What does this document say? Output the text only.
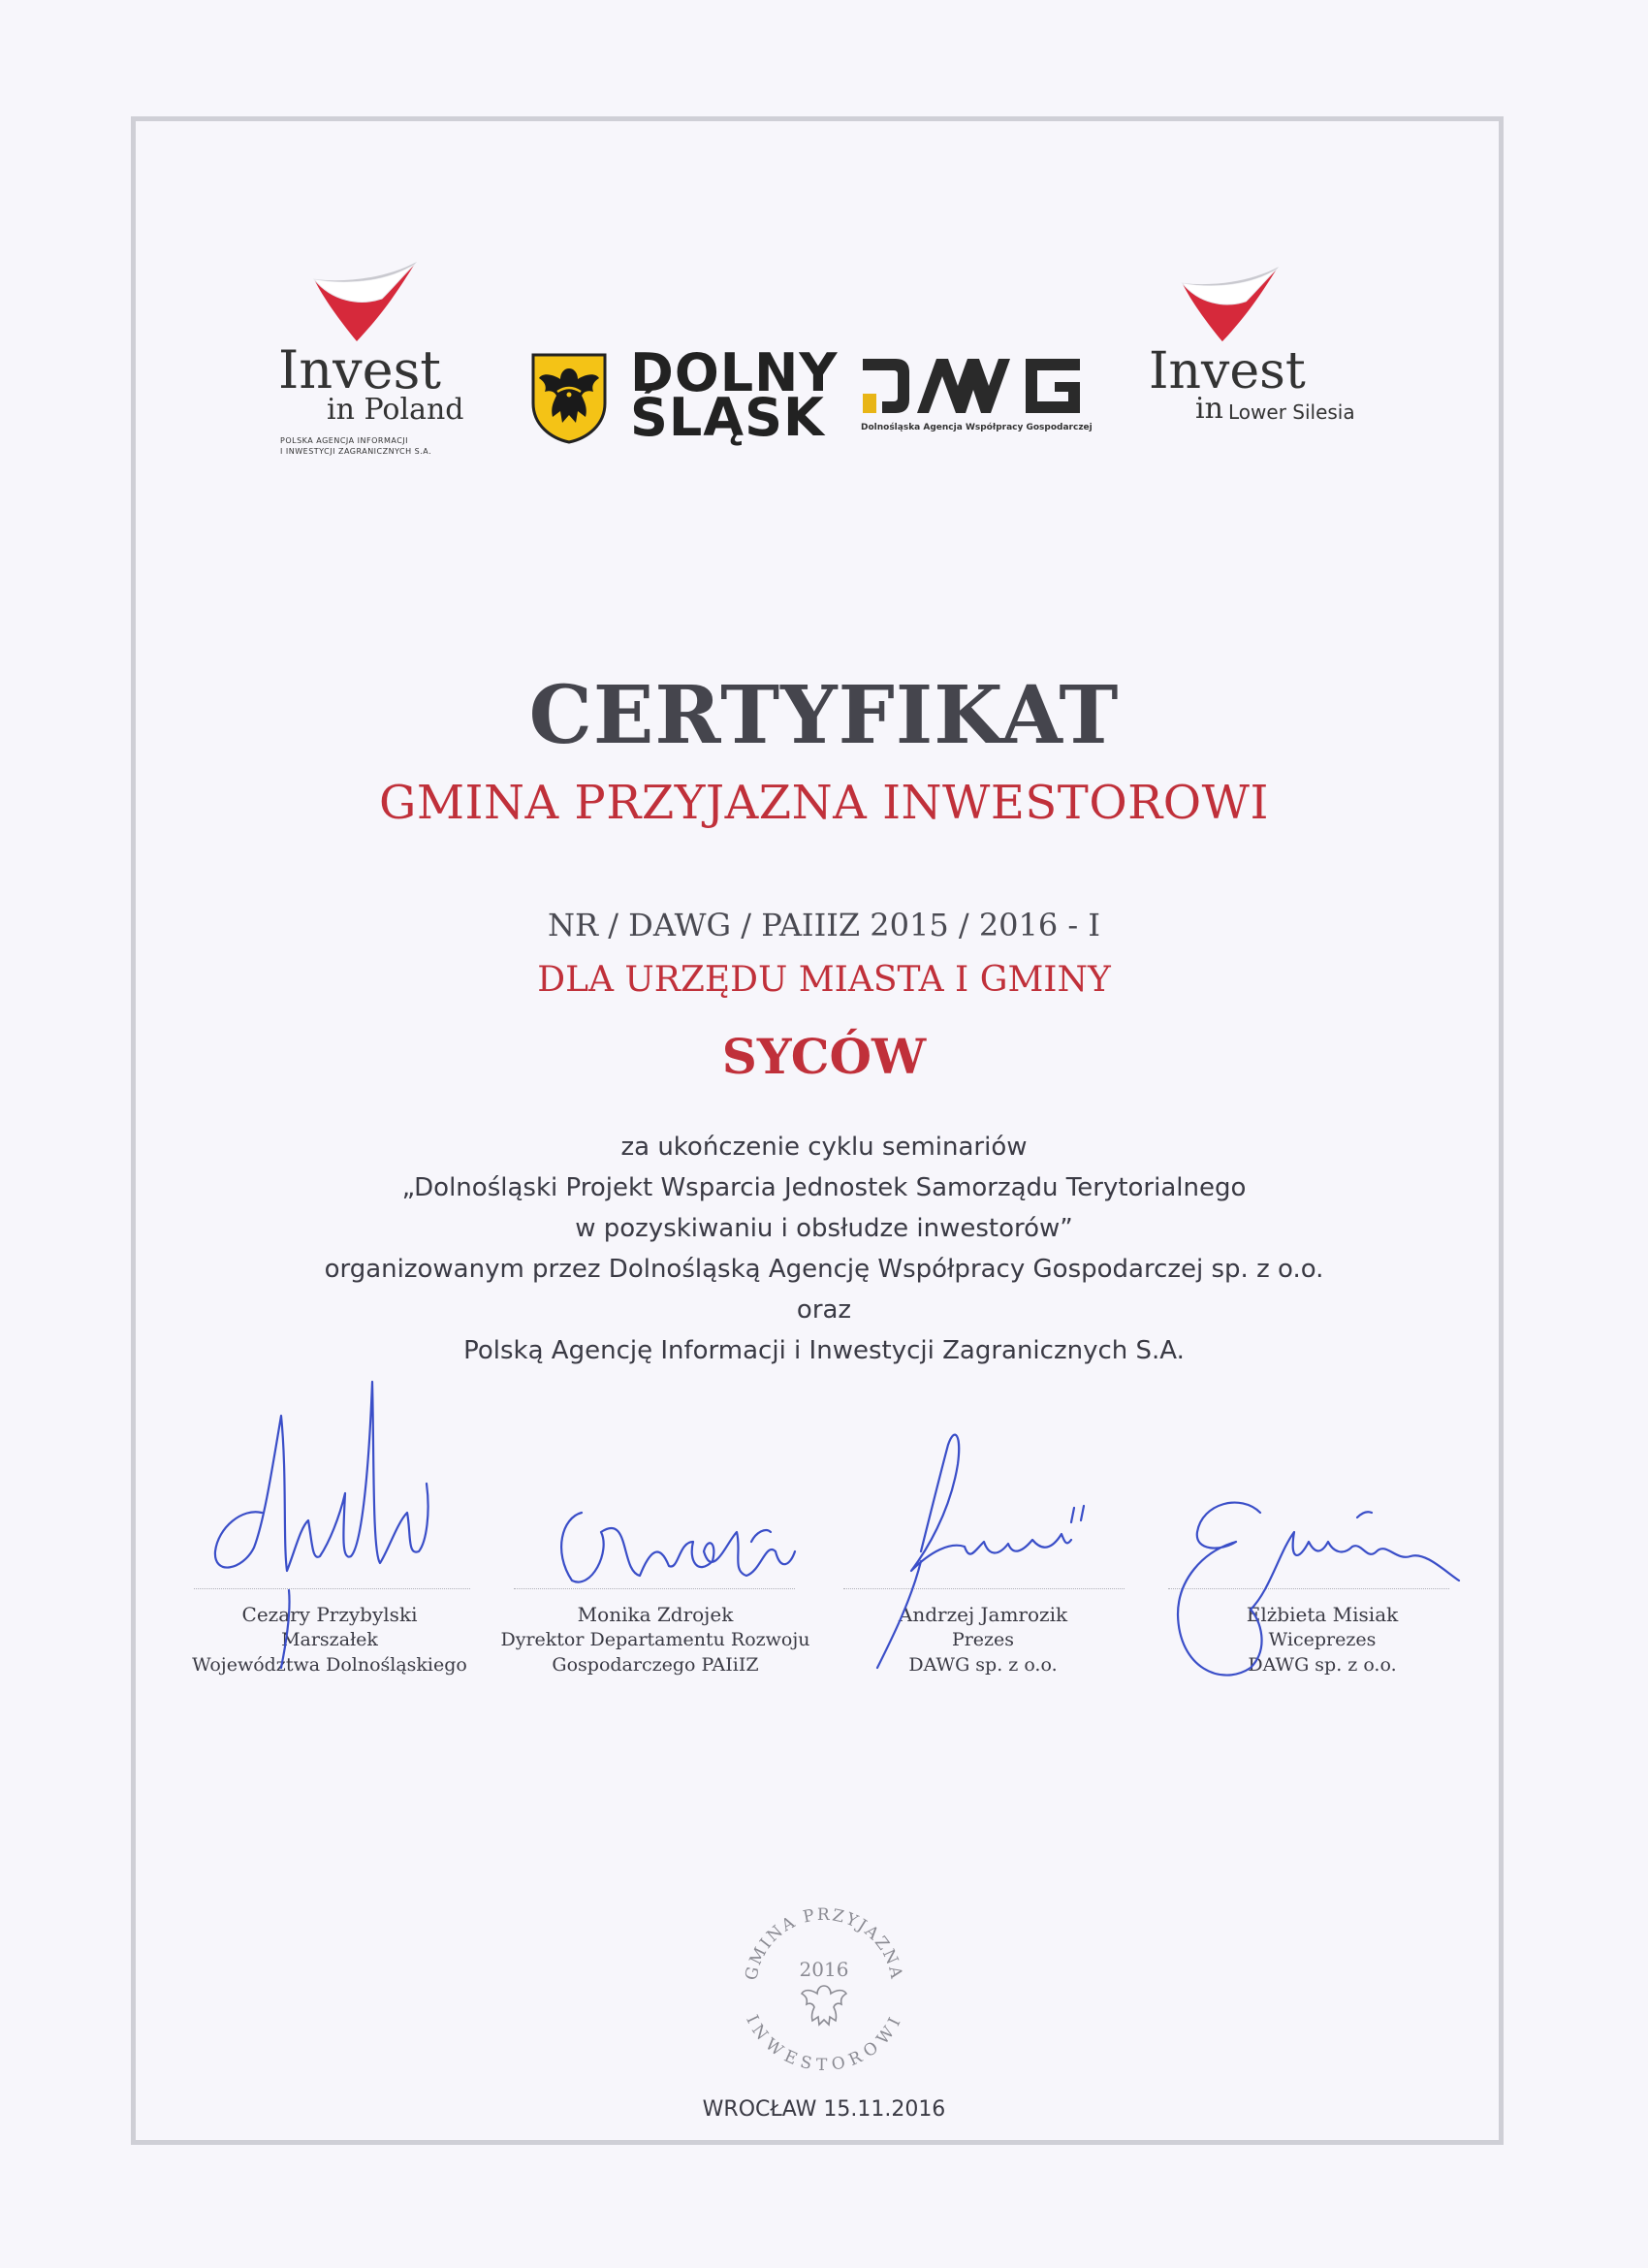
Invest
in Poland
POLSKA AGENCJA INFORMACJI
I INWESTYCJI ZAGRANICZNYCH S.A.
DOLNY
ŚLĄSK	Dolnośląska Agencja Współpracy Gospodarczej
Invest
in Lower Silesia
CERTYFIKAT
GMINA PRZYJAZNA INWESTOROWI
NR / DAWG / PAIIIZ 2015 / 2016 - I
DLA URZĘDU MIASTA I GMINY
SYCÓW
za ukończenie cyklu seminariów
„Dolnośląski Projekt Wsparcia Jednostek Samorządu Terytorialnego
w pozyskiwaniu i obsłudze inwestorów”
organizowanym przez Dolnośląską Agencję Współpracy Gospodarczej sp. z o.o.
oraz
Polską Agencję Informacji i Inwestycji Zagranicznych S.A.
Cezary Przybylski
Marszałek
Województwa Dolnośląskiego
Monika Zdrojek
Dyrektor Departamentu Rozwoju
Gospodarczego PAIiIZ
Andrzej Jamrozik
Prezes
DAWG sp. z o.o.
Elżbieta Misiak
Wiceprezes
DAWG sp. z o.o.
GMINA PRZYJAZNA
INWESTOROWI
2016
WROCŁAW 15.11.2016
